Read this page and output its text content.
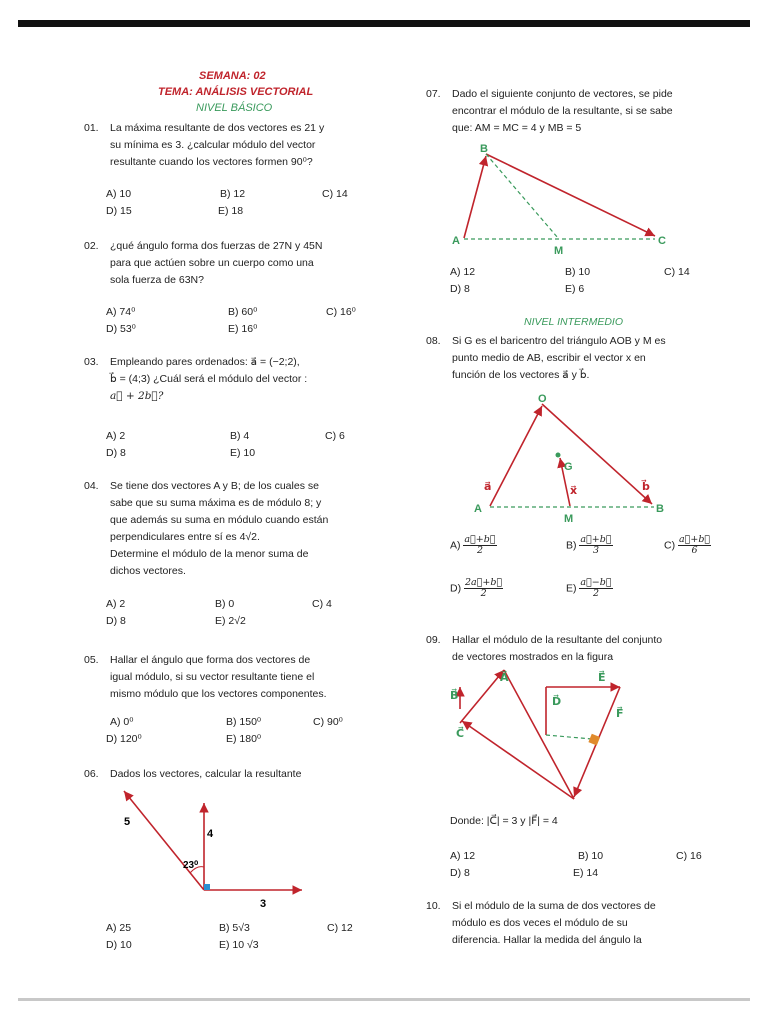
SEMANA: 02
TEMA: ANÁLISIS VECTORIAL
NIVEL BÁSICO
01. La máxima resultante de dos vectores es 21 y
su mínima es 3. ¿calcular módulo del vector
resultante cuando los vectores formen 90⁰?
A) 10	B) 12	C) 14
D) 15	E) 18
02. ¿qué ángulo forma dos fuerzas de 27N y 45N
para que actúen sobre un cuerpo como una
sola fuerza de 63N?
A) 74⁰	B) 60⁰	C) 16⁰
D) 53⁰	E) 16⁰
03. Empleando pares ordenados: a⃗ = (−2;2),
b⃗ = (4;3) ¿Cuál será el módulo del vector :
a⃗ + 2b⃗?
A) 2	B) 4	C) 6
D) 8	E) 10
04. Se tiene dos vectores A y B; de los cuales se
sabe que su suma máxima es de módulo 8; y
que además su suma en módulo cuando están
perpendiculares entre sí es 4√2.
Determine el módulo de la menor suma de
dichos vectores.
A) 2	B) 0	C) 4
D) 8	E) 2√2
05. Hallar el ángulo que forma dos vectores de
igual módulo, si su vector resultante tiene el
mismo módulo que los vectores componentes.
A) 0⁰	B) 150⁰	C) 90⁰
D) 120⁰	E) 180⁰
06. Dados los vectores, calcular la resultante
5
4
3
23⁰
A) 25	B) 5√3	C) 12
D) 10	E) 10 √3
07. Dado el siguiente conjunto de vectores, se pide
encontrar el módulo de la resultante, si se sabe
que: AM = MC = 4 y MB = 5
A
B
C
M
A) 12	B) 10	C) 14
D) 8	E) 6
NIVEL INTERMEDIO
08. Si G es el baricentro del triángulo AOB y M es
punto medio de AB, escribir el vector x en
función de los vectores a⃗ y b⃗.
O
G
A	B
M
a⃗	b⃗
x⃗
$A) \frac{a⃗+b⃗}{2}$	$B) \frac{a⃗+b⃗}{3}$	$C) \frac{a⃗+b⃗}{6}$
$D) \frac{2a⃗+b⃗}{2}$	$E) \frac{a⃗-b⃗}{2}$
09. Hallar el módulo de la resultante del conjunto
de vectores mostrados en la figura
A⃗
B⃗
C⃗
D⃗
E⃗
F⃗
Donde: |C⃗| = 3 y |F⃗| = 4
A) 12	B) 10	C) 16
D) 8	E) 14
10. Si el módulo de la suma de dos vectores de
módulo es dos veces el módulo de su
diferencia. Hallar la medida del ángulo la
